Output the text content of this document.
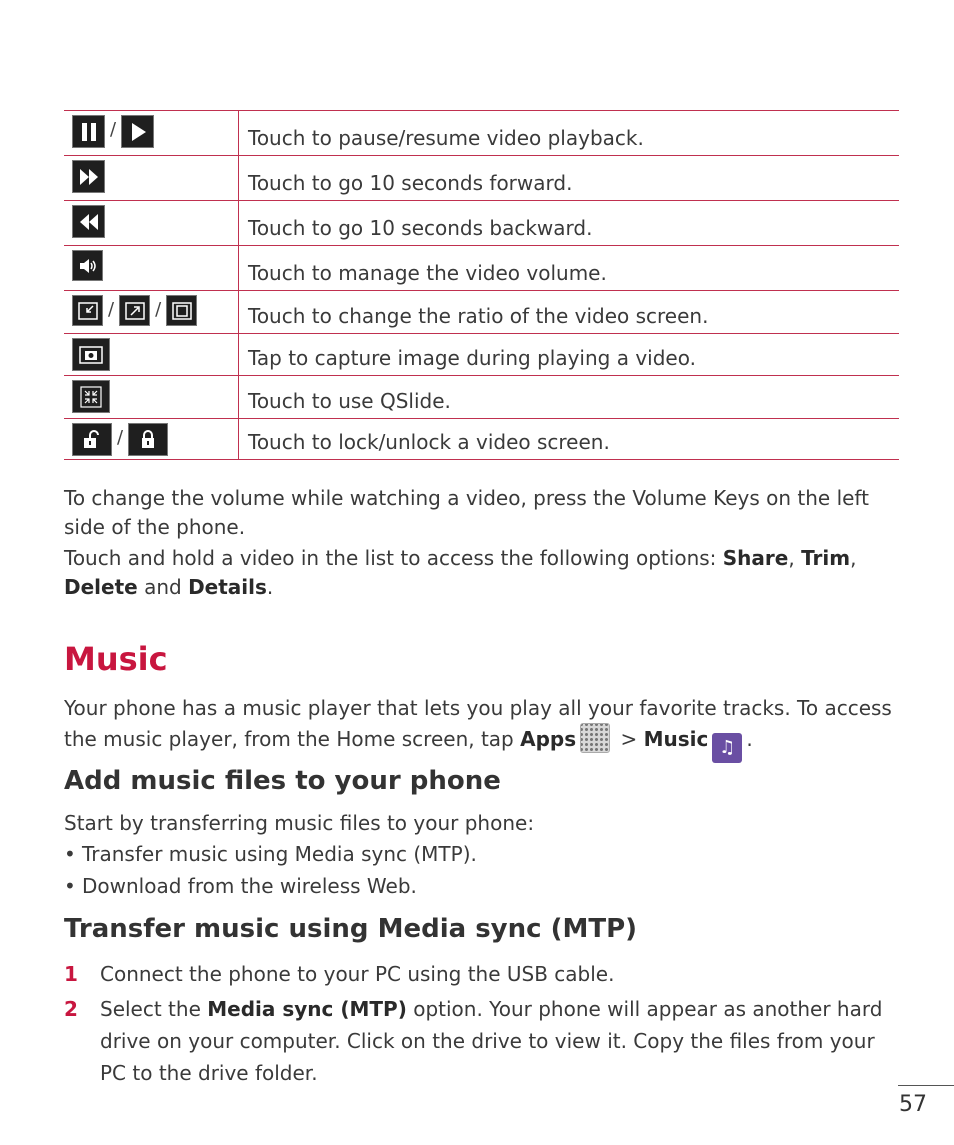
/	Touch to pause/resume video playback.
Touch to go 10 seconds forward.
Touch to go 10 seconds backward.
Touch to manage the video volume.
/ /	Touch to change the ratio of the video screen.
Tap to capture image during playing a video.
Touch to use QSlide.
/	Touch to lock/unlock a video screen.

To change the volume while watching a video, press the Volume Keys on the left side of the phone.

Touch and hold a video in the list to access the following options: Share, Trim, Delete and Details.

Music

Your phone has a music player that lets you play all your favorite tracks. To access the music player, from the Home screen, tap Apps > Music ♫ .

Add music files to your phone

Start by transferring music files to your phone:

• Transfer music using Media sync (MTP).
• Download from the wireless Web.
Transfer music using Media sync (MTP)
1 Connect the phone to your PC using the USB cable.

2 Select the Media sync (MTP) option. Your phone will appear as another hard drive on your computer. Click on the drive to view it. Copy the files from your PC to the drive folder.

57
